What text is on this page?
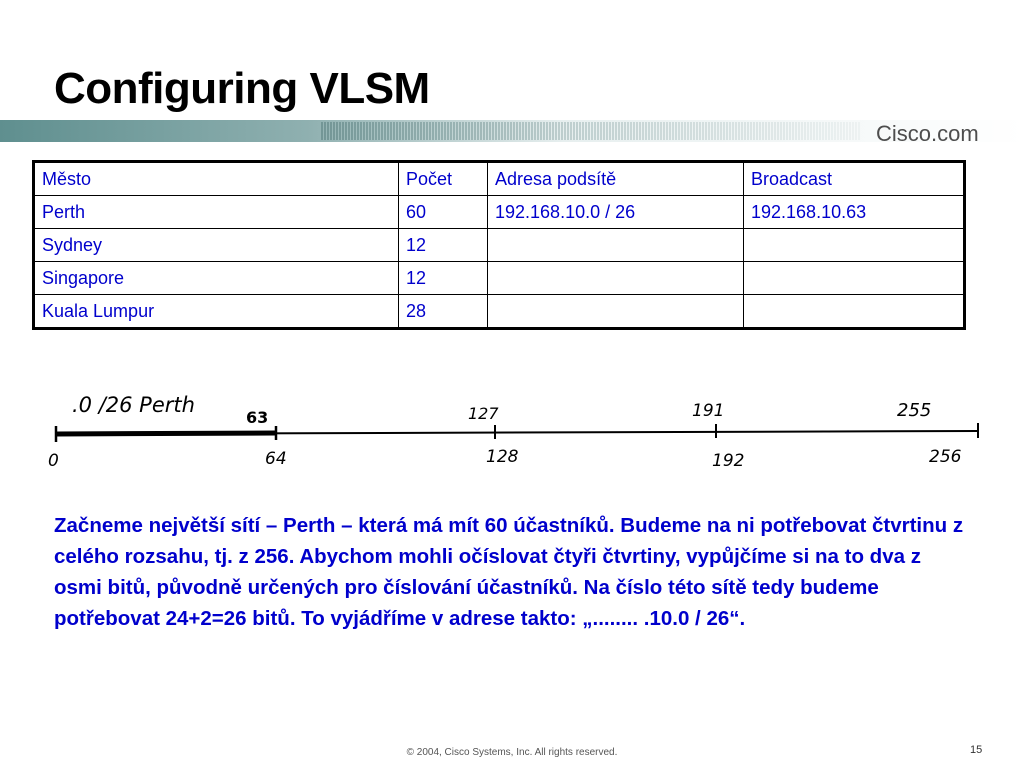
Configuring VLSM
Cisco.com
Město	Počet	Adresa podsítě	Broadcast
Perth	60	192.168.10.0 / 26	192.168.10.63
Sydney	12		
Singapore	12		
Kuala Lumpur	28		
.0 /26 Perth
63	127	191	255
0	64	128	192	256
Začneme největší sítí – Perth – která má mít 60 účastníků. Budeme na ni potřebovat čtvrtinu z celého rozsahu, tj. z 256. Abychom mohli očíslovat čtyři čtvrtiny, vypůjčíme si na to dva z osmi bitů, původně určených pro číslování účastníků. Na číslo této sítě tedy budeme potřebovat 24+2=26 bitů. To vyjádříme v adrese takto: „........ .10.0 / 26“.
© 2004, Cisco Systems, Inc. All rights reserved.	15
